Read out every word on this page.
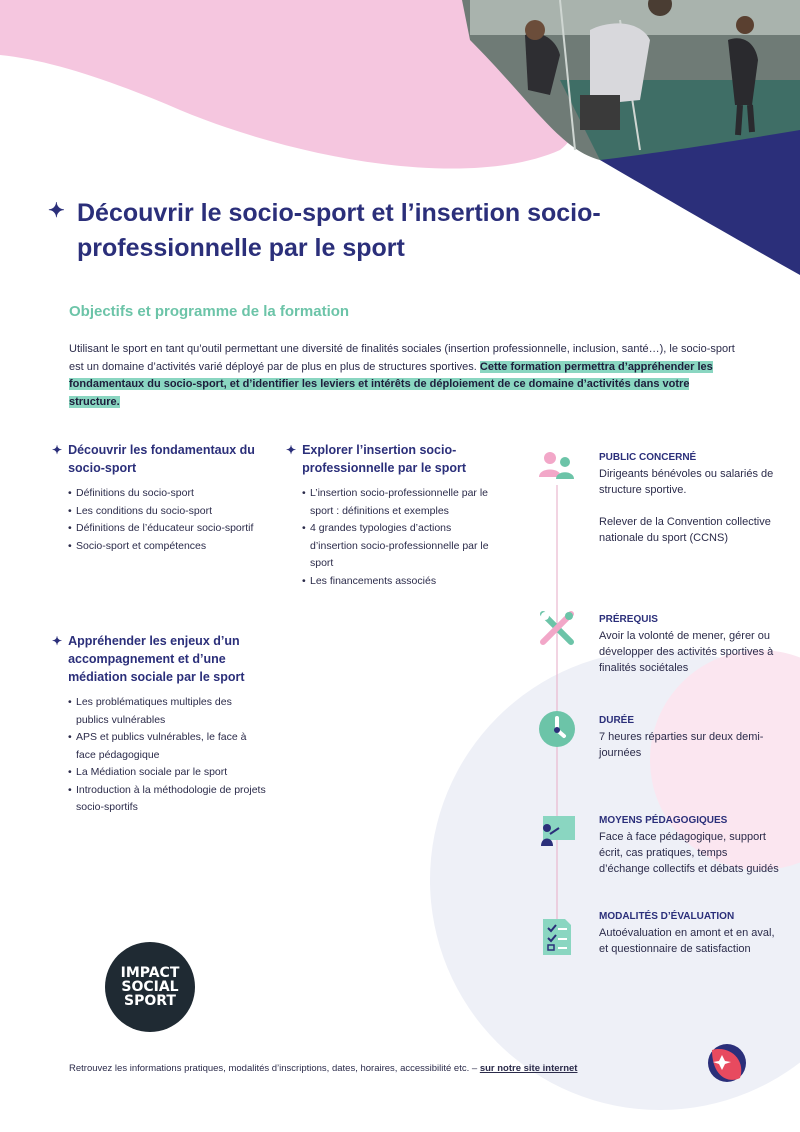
✦ Découvrir le socio-sport et l’insertion socio-professionnelle par le sport
Objectifs et programme de la formation

Utilisant le sport en tant qu’outil permettant une diversité de finalités sociales (insertion professionnelle, inclusion, santé…), le socio-sport est un domaine d’activités varié déployé par de plus en plus de structures sportives. Cette formation permettra d’appréhender les fondamentaux du socio-sport, et d’identifier les leviers et intérêts de déploiement de ce domaine d’activités dans votre structure.

✦ Découvrir les fondamentaux du socio-sport
• Définitions du socio-sport
• Les conditions du socio-sport
• Définitions de l’éducateur socio-sportif
• Socio-sport et compétences
✦ Explorer l’insertion socio-professionnelle par le sport
• L’insertion socio-professionnelle par le sport : définitions et exemples
• 4 grandes typologies d’actions d’insertion socio-professionnelle par le sport
• Les financements associés
✦ Appréhender les enjeux d’un accompagnement et d’une médiation sociale par le sport
• Les problématiques multiples des publics vulnérables
• APS et publics vulnérables, le face à face pédagogique
• La Médiation sociale par le sport
• Introduction à la méthodologie de projets socio-sportifs

PUBLIC CONCERNÉ

Dirigeants bénévoles ou salariés de structure sportive.

Relever de la Convention collective nationale du sport (CCNS)

PRÉREQUIS

Avoir la volonté de mener, gérer ou développer des activités sportives à finalités sociétales

DURÉE

7 heures réparties sur deux demi-journées

MOYENS PÉDAGOGIQUES

Face à face pédagogique, support écrit, cas pratiques, temps d’échange collectifs et débats guidés

MODALITÉS D’ÉVALUATION

Autoévaluation en amont et en aval, et questionnaire de satisfaction

IMPACT
SOCIAL
SPORT
Retrouvez les informations pratiques, modalités d’inscriptions, dates, horaires, accessibilité etc. – sur notre site internet
